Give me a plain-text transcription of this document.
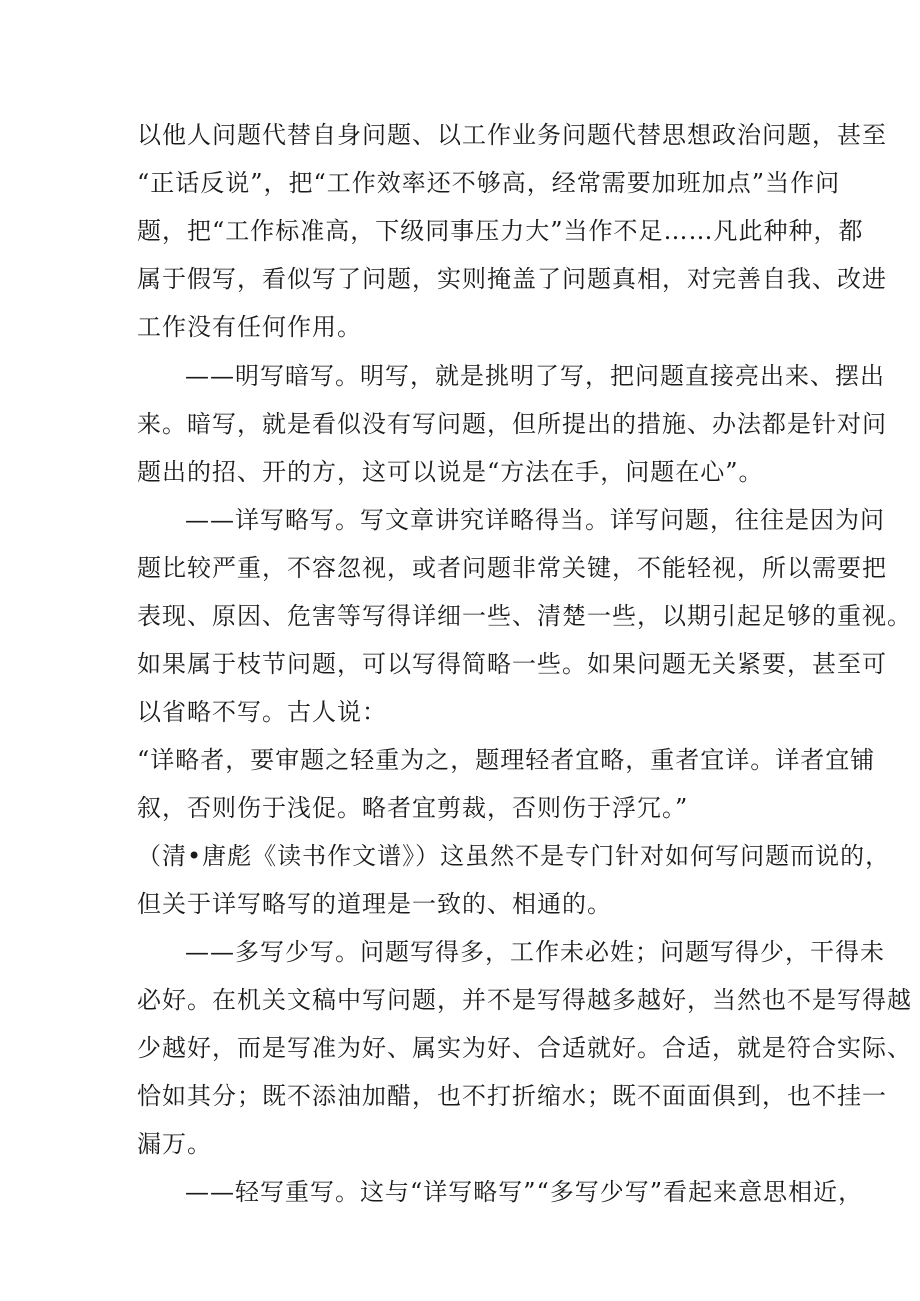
以他人问题代替自身问题、以工作业务问题代替思想政治问题，甚至
“正话反说”，把“工作效率还不够高，经常需要加班加点”当作问
题，把“工作标准高，下级同事压力大”当作不足……凡此种种，都
属于假写，看似写了问题，实则掩盖了问题真相，对完善自我、改进
工作没有任何作用。
——明写暗写。明写，就是挑明了写，把问题直接亮出来、摆出
来。暗写，就是看似没有写问题，但所提出的措施、办法都是针对问
题出的招、开的方，这可以说是“方法在手，问题在心”。
——详写略写。写文章讲究详略得当。详写问题，往往是因为问
题比较严重，不容忽视，或者问题非常关键，不能轻视，所以需要把
表现、原因、危害等写得详细一些、清楚一些，以期引起足够的重视。
如果属于枝节问题，可以写得简略一些。如果问题无关紧要，甚至可
以省略不写。古人说：
“详略者，要审题之轻重为之，题理轻者宜略，重者宜详。详者宜铺
叙，否则伤于浅促。略者宜剪裁，否则伤于浮冗。”
（清•唐彪《读书作文谱》）这虽然不是专门针对如何写问题而说的，
但关于详写略写的道理是一致的、相通的。
——多写少写。问题写得多，工作未必姓；问题写得少，干得未
必好。在机关文稿中写问题，并不是写得越多越好，当然也不是写得越
少越好，而是写准为好、属实为好、合适就好。合适，就是符合实际、
恰如其分；既不添油加醋，也不打折缩水；既不面面俱到，也不挂一
漏万。
——轻写重写。这与“详写略写”“多写少写”看起来意思相近，
